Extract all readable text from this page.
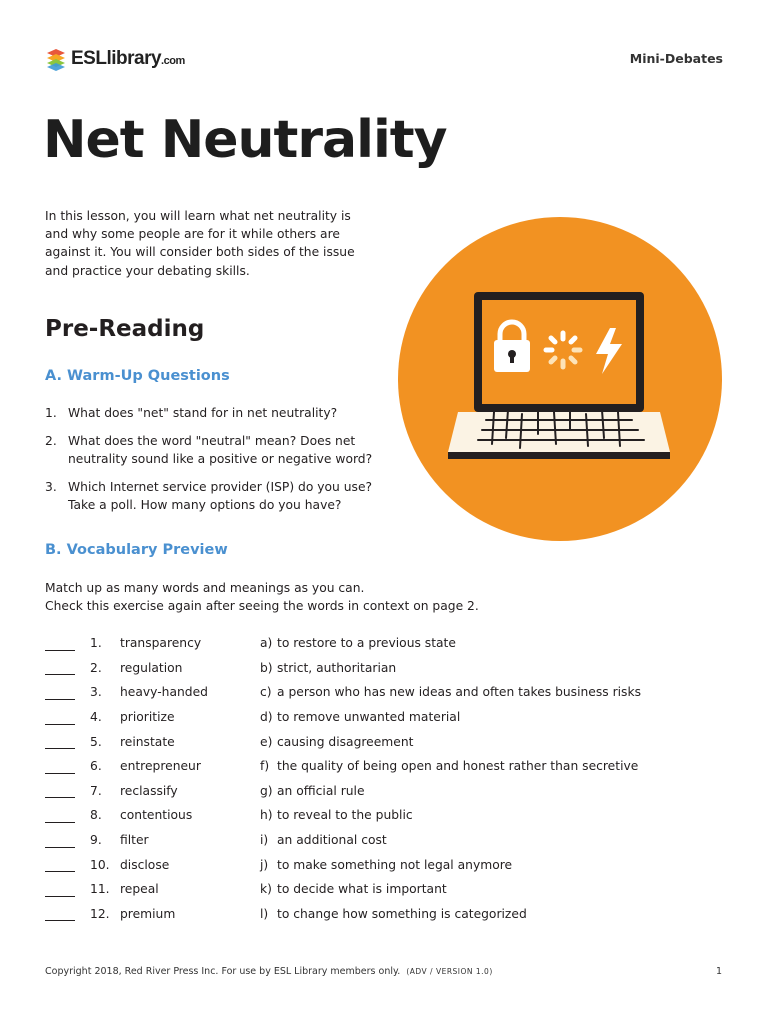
ESLlibrary.com	Mini-Debates
Net Neutrality
In this lesson, you will learn what net neutrality is and why some people are for it while others are against it. You will consider both sides of the issue and practice your debating skills.
Pre-Reading
A. Warm-Up Questions
1. What does "net" stand for in net neutrality?
2. What does the word "neutral" mean? Does net neutrality sound like a positive or negative word?
3. Which Internet service provider (ISP) do you use? Take a poll. How many options do you have?
B. Vocabulary Preview
Match up as many words and meanings as you can.
Check this exercise again after seeing the words in context on page 2.
1.	transparency	a) to restore to a previous state
2.	regulation	b) strict, authoritarian
3.	heavy-handed	c) a person who has new ideas and often takes business risks
4.	prioritize	d) to remove unwanted material
5.	reinstate	e) causing disagreement
6.	entrepreneur	f) the quality of being open and honest rather than secretive
7.	reclassify	g) an official rule
8.	contentious	h) to reveal to the public
9.	filter	i) an additional cost
10. disclose	j) to make something not legal anymore
11. repeal	k) to decide what is important
12. premium	l) to change how something is categorized
Copyright 2018, Red River Press Inc. For use by ESL Library members only. (ADV / VERSION 1.0)	1
